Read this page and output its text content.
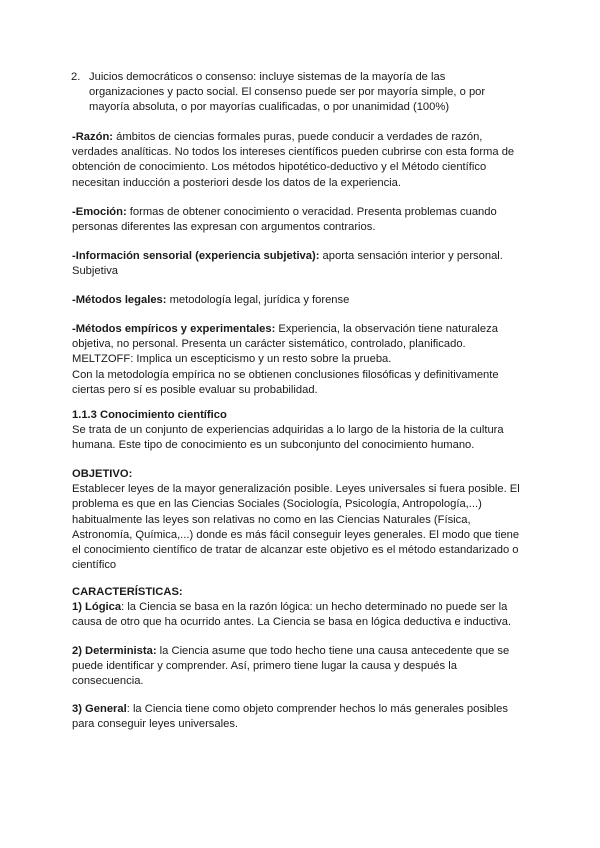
2. Juicios democráticos o consenso: incluye sistemas de la mayoría de las
organizaciones y pacto social. El consenso puede ser por mayoría simple, o por
mayoría absoluta, o por mayorías cualificadas, o por unanimidad (100%)
-Razón: ámbitos de ciencias formales puras, puede conducir a verdades de razón,
verdades analíticas. No todos los intereses científicos pueden cubrirse con esta forma de
obtención de conocimiento. Los métodos hipotético-deductivo y el Método científico
necesitan inducción a posteriori desde los datos de la experiencia.
-Emoción: formas de obtener conocimiento o veracidad. Presenta problemas cuando
personas diferentes las expresan con argumentos contrarios.
-Información sensorial (experiencia subjetiva): aporta sensación interior y personal.
Subjetiva
-Métodos legales: metodología legal, jurídica y forense
-Métodos empíricos y experimentales: Experiencia, la observación tiene naturaleza
objetiva, no personal. Presenta un carácter sistemático, controlado, planificado.
MELTZOFF: Implica un escepticismo y un resto sobre la prueba.
Con la metodología empírica no se obtienen conclusiones filosóficas y definitivamente
ciertas pero sí es posible evaluar su probabilidad.
1.1.3 Conocimiento científico
Se trata de un conjunto de experiencias adquiridas a lo largo de la historia de la cultura
humana. Este tipo de conocimiento es un subconjunto del conocimiento humano.
OBJETIVO:
Establecer leyes de la mayor generalización posible. Leyes universales si fuera posible. El
problema es que en las Ciencias Sociales (Sociología, Psicología, Antropología,...)
habitualmente las leyes son relativas no como en las Ciencias Naturales (Física,
Astronomía, Química,...) donde es más fácil conseguir leyes generales. El modo que tiene
el conocimiento científico de tratar de alcanzar este objetivo es el método estandarizado o
científico
CARACTERÍSTICAS:
1) Lógica: la Ciencia se basa en la razón lógica: un hecho determinado no puede ser la
causa de otro que ha ocurrido antes. La Ciencia se basa en lógica deductiva e inductiva.
2) Determinista: la Ciencia asume que todo hecho tiene una causa antecedente que se
puede identificar y comprender. Así, primero tiene lugar la causa y después la
consecuencia.
3) General: la Ciencia tiene como objeto comprender hechos lo más generales posibles
para conseguir leyes universales.
